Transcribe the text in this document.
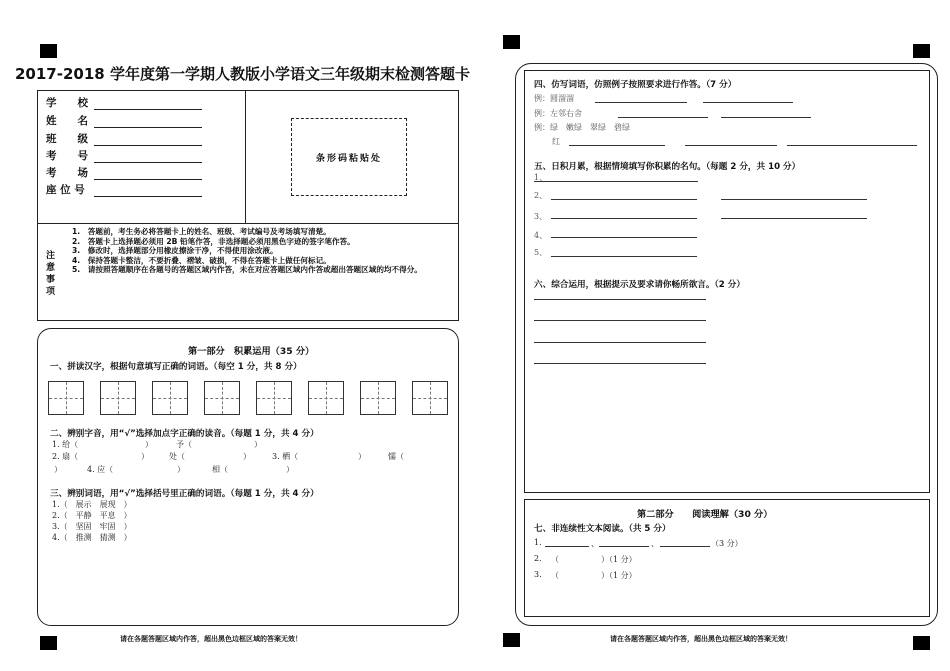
2017-2018 学年度第一学期人教版小学语文三年级期末检测答题卡
学　　校
姓　　名
班　　级
考　　号
考　　场
座 位 号
条形码粘贴处
注
意
事
项
1.　答题前，考生务必将答题卡上的姓名、班级、考试编号及考场填写清楚。
2.　答题卡上选择题必须用 2B 铅笔作答，非选择题必须用黑色字迹的签字笔作答。
3.　修改时，选择题部分用橡皮擦涂干净，不得使用涂改液。
4.　保持答题卡整洁，不要折叠、褶皱、破损，不得在答题卡上做任何标记。
5.　请按照答题顺序在各题号的答题区域内作答，未在对应答题区域内作答或超出答题区域的均不得分。
第一部分　积累运用（35 分）
一、拼读汉字，根据句意填写正确的词语。（每空 1 分，共 8 分）
二、辨别字音，用“√”选择加点字正确的读音。（每题 1 分，共 4 分）
1. 给（	）	予（	）
2. 扇（	）	处（	）	3. 栖（	）	懦（
）	4. 应（	）	相（	）
三、辨别词语，用“√”选择括号里正确的词语。（每题 1 分，共 4 分）
1.（　展示　展现　）
2.（　平静　平息　）
3.（　坚固　牢固　）
4.（　推测　猜测　）
请在各题答题区域内作答，超出黑色边框区域的答案无效！
四、仿写词语，仿照例子按照要求进行作答。（7 分）
例：圆溜溜
例：左邻右舍
例：绿　嫩绿　翠绿　碧绿
红
五、日积月累，根据情境填写你积累的名句。（每题 2 分，共 10 分）
1、
2、
3、
4、
5、
六、综合运用，根据提示及要求请你畅所欲言。（2 分）
第二部分　　阅读理解（30 分）
七、非连续性文本阅读。（共 5 分）
1.	、	、	（3 分）
2. （	）（1 分）
3. （	）（1 分）
请在各题答题区域内作答，超出黑色边框区域的答案无效！
